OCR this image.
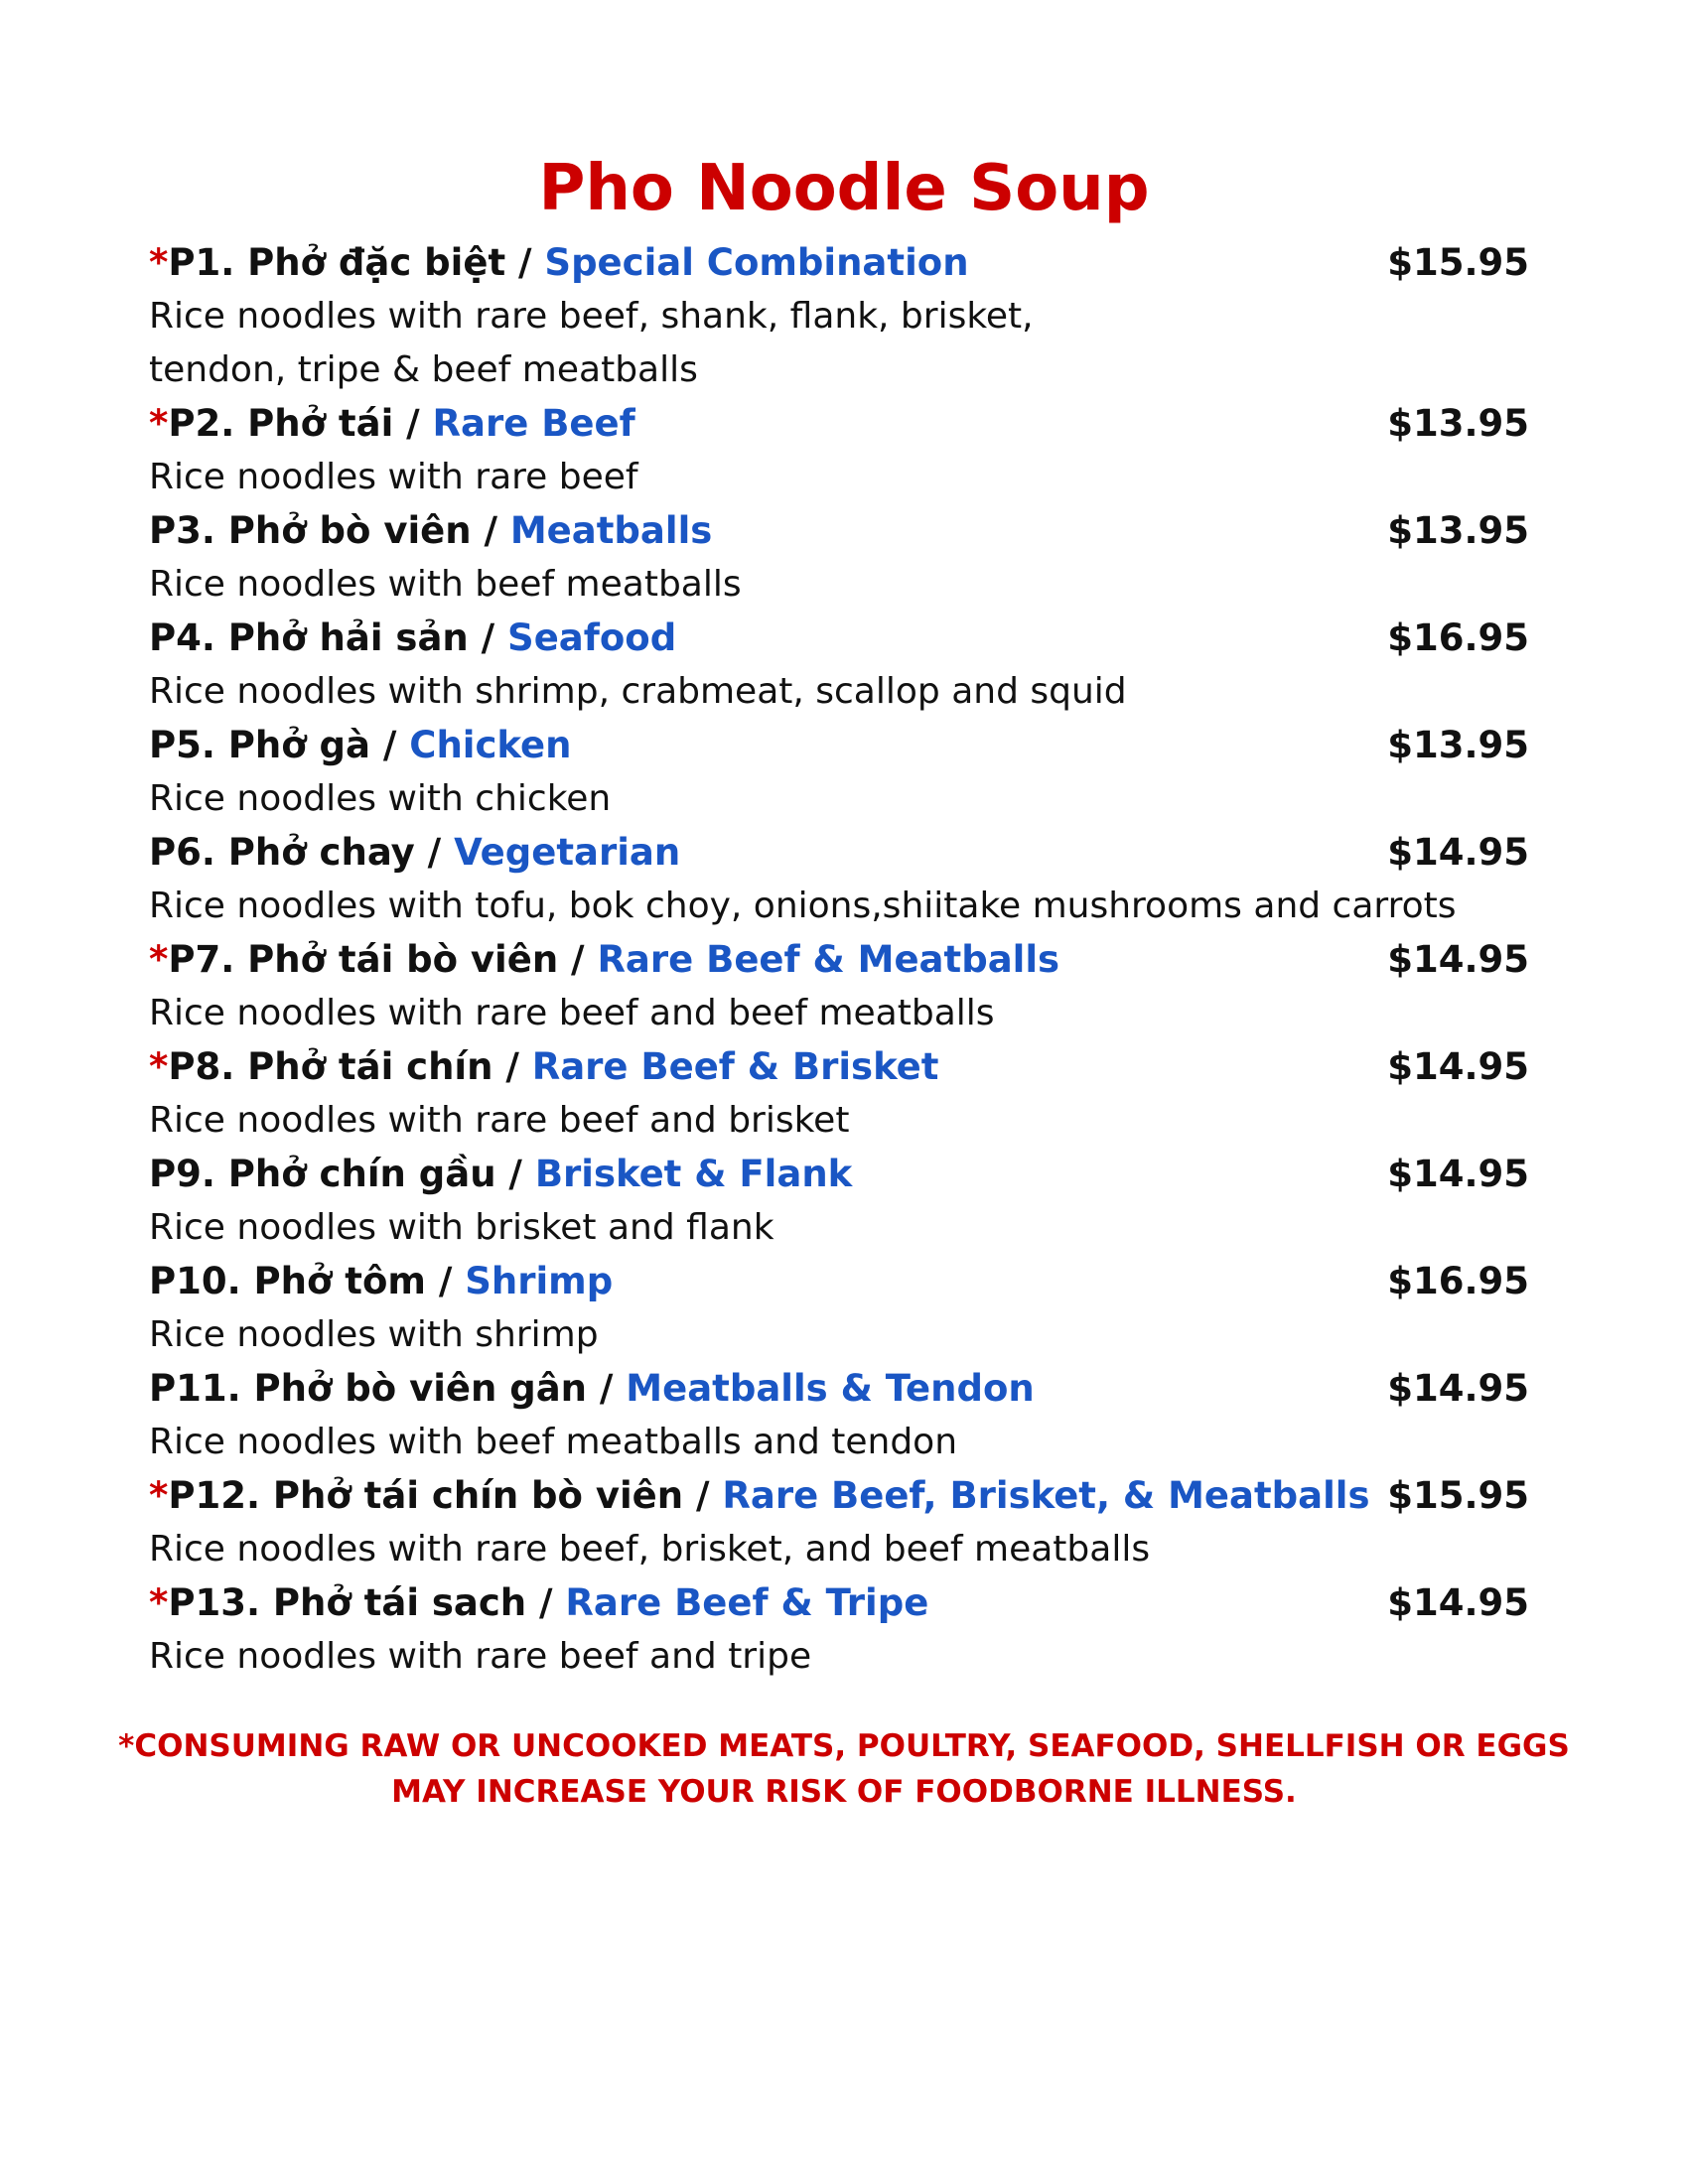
Pho Noodle Soup
*P1. Phở đặc biệt / Special Combination	$15.95
Rice noodles with rare beef, shank, flank, brisket,
tendon, tripe & beef meatballs
*P2. Phở tái / Rare Beef	$13.95
Rice noodles with rare beef
P3. Phở bò viên / Meatballs	$13.95
Rice noodles with beef meatballs
P4. Phở hải sản / Seafood	$16.95
Rice noodles with shrimp, crabmeat, scallop and squid
P5. Phở gà / Chicken	$13.95
Rice noodles with chicken
P6. Phở chay / Vegetarian	$14.95
Rice noodles with tofu, bok choy, onions,shiitake mushrooms and carrots
*P7. Phở tái bò viên / Rare Beef & Meatballs	$14.95
Rice noodles with rare beef and beef meatballs
*P8. Phở tái chín / Rare Beef & Brisket	$14.95
Rice noodles with rare beef and brisket
P9. Phở chín gầu / Brisket & Flank	$14.95
Rice noodles with brisket and flank
P10. Phở tôm / Shrimp	$16.95
Rice noodles with shrimp
P11. Phở bò viên gân / Meatballs & Tendon	$14.95
Rice noodles with beef meatballs and tendon
*P12. Phở tái chín bò viên / Rare Beef, Brisket, & Meatballs $15.95
Rice noodles with rare beef, brisket, and beef meatballs
*P13. Phở tái sach / Rare Beef & Tripe	$14.95
Rice noodles with rare beef and tripe
*CONSUMING RAW OR UNCOOKED MEATS, POULTRY, SEAFOOD, SHELLFISH OR EGGS
MAY INCREASE YOUR RISK OF FOODBORNE ILLNESS.
